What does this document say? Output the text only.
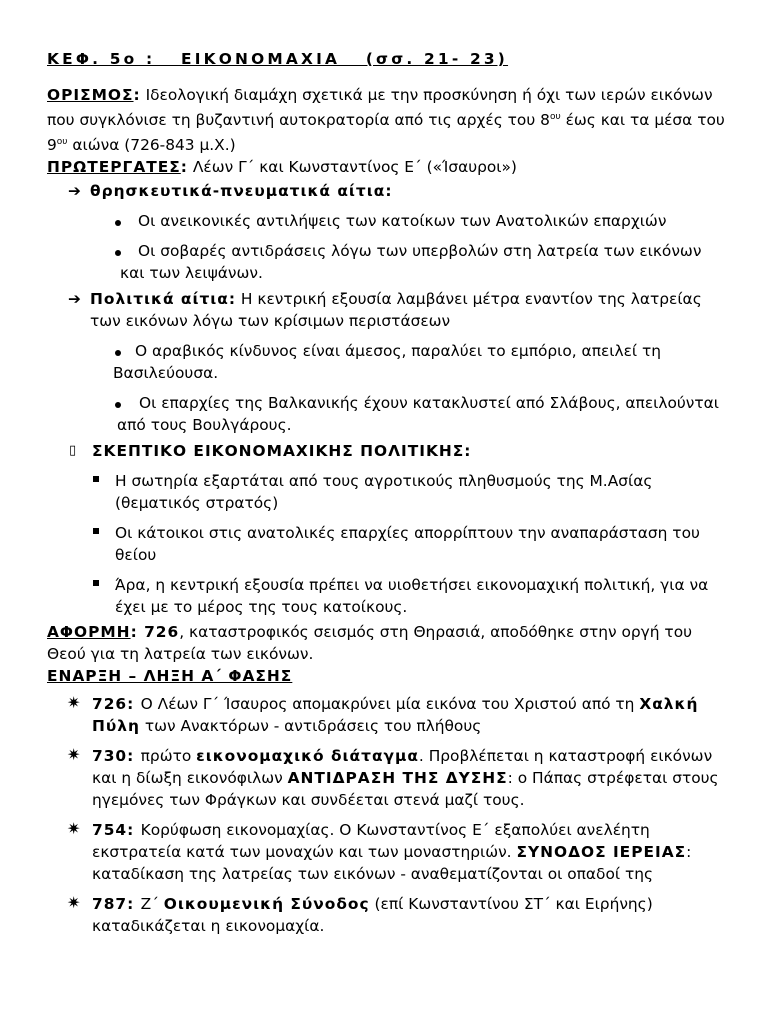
ΚΕΦ. 5ο :   ΕΙΚΟΝΟΜΑΧΙΑ   (σσ. 21- 23)

ΟΡΙΣΜΟΣ: Ιδεολογική διαμάχη σχετικά με την προσκύνηση ή όχι των ιερών εικόνων που συγκλόνισε τη βυζαντινή αυτοκρατορία από τις αρχές του $8^{o\upsilon}$ έως και τα μέσα του $9^{o\upsilon}$ αιώνα (726-843 μ.Χ.)

ΠΡΩΤΕΡΓΑΤΕΣ: Λέων Γ΄ και Κωνσταντίνος Ε΄ («Ίσαυροι»)

➔ θρησκευτικά-πνευματικά αίτια:
Οι ανεικονικές αντιλήψεις των κατοίκων των Ανατολικών επαρχιών
Οι σοβαρές αντιδράσεις λόγω των υπερβολών στη λατρεία των εικόνων και των λειψάνων.
➔ Πολιτικά αίτια: Η κεντρική εξουσία λαμβάνει μέτρα εναντίον της λατρείας των εικόνων λόγω των κρίσιμων περιστάσεων
Ο αραβικός κίνδυνος είναι άμεσος, παραλύει το εμπόριο, απειλεί τη Βασιλεύουσα.
Οι επαρχίες της Βαλκανικής έχουν κατακλυστεί από Σλάβους, απειλούνται από τους Βουλγάρους.
▯ ΣΚΕΠΤΙΚΟ ΕΙΚΟΝΟΜΑΧΙΚΗΣ ΠΟΛΙΤΙΚΗΣ:
Η σωτηρία εξαρτάται από τους αγροτικούς πληθυσμούς της Μ.Ασίας (θεματικός στρατός)
Οι κάτοικοι στις ανατολικές επαρχίες απορρίπτουν την αναπαράσταση του θείου
Άρα, η κεντρική εξουσία πρέπει να υιοθετήσει εικονομαχική πολιτική, για να έχει με το μέρος της τους κατοίκους.

ΑΦΟΡΜΗ: 726, καταστροφικός σεισμός στη Θηρασιά, αποδόθηκε στην οργή του Θεού για τη λατρεία των εικόνων.

ΕΝΑΡΞΗ – ΛΗΞΗ Α΄ ΦΑΣΗΣ

✷ 726: Ο Λέων Γ΄ Ίσαυρος απομακρύνει μία εικόνα του Χριστού από τη Χαλκή Πύλη των Ανακτόρων - αντιδράσεις του πλήθους
✷ 730: πρώτο εικονομαχικό διάταγμα. Προβλέπεται η καταστροφή εικόνων και η δίωξη εικονόφιλων ΑΝΤΙΔΡΑΣΗ ΤΗΣ ΔΥΣΗΣ: ο Πάπας στρέφεται στους ηγεμόνες των Φράγκων και συνδέεται στενά μαζί τους.
✷ 754: Κορύφωση εικονομαχίας. Ο Κωνσταντίνος Ε΄ εξαπολύει ανελέητη εκστρατεία κατά των μοναχών και των μοναστηριών. ΣΥΝΟΔΟΣ ΙΕΡΕΙΑΣ: καταδίκαση της λατρείας των εικόνων - αναθεματίζονται οι οπαδοί της
✷ 787: Ζ΄ Οικουμενική Σύνοδος (επί Κωνσταντίνου ΣΤ΄ και Ειρήνης) καταδικάζεται η εικονομαχία.
